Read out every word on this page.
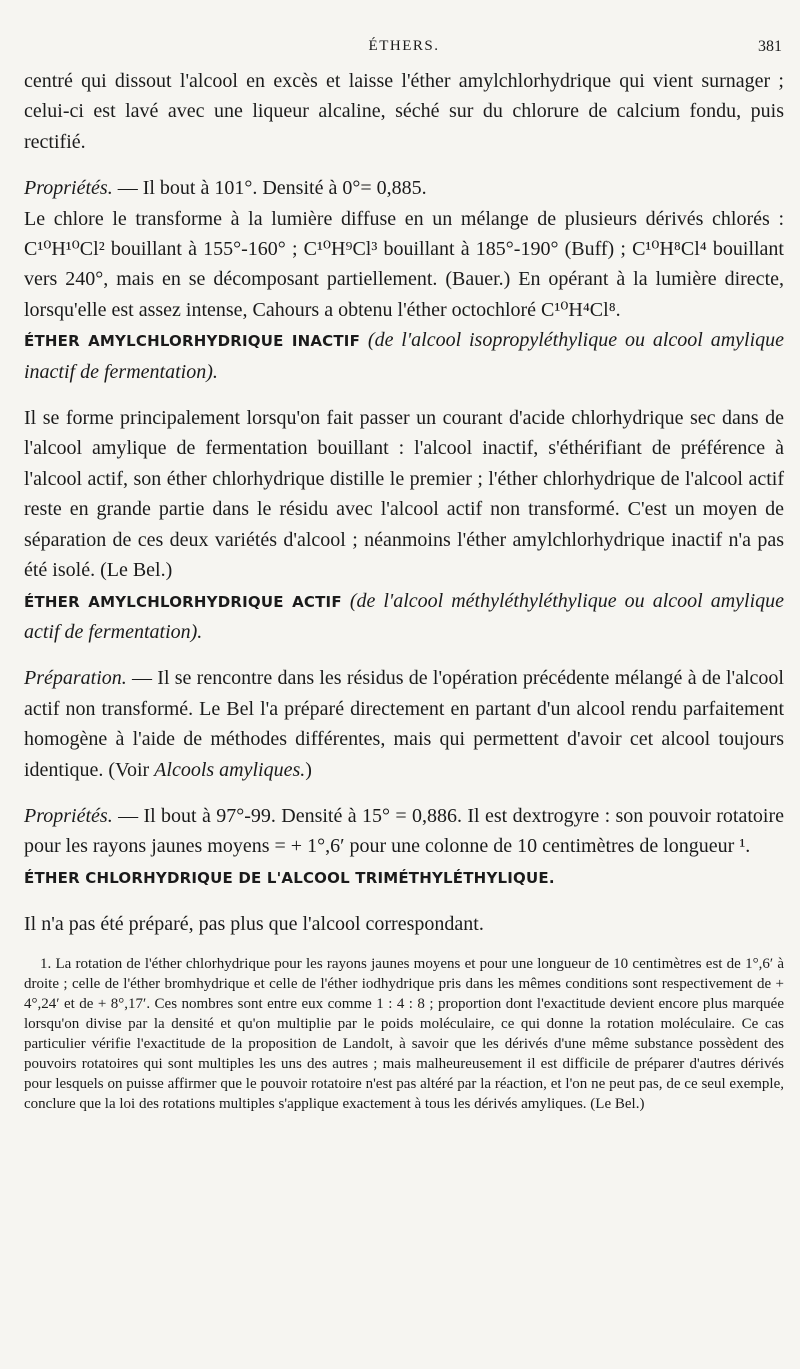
ÉTHERS.	381

centré qui dissout l'alcool en excès et laisse l'éther amylchlorhydrique qui vient surnager ; celui-ci est lavé avec une liqueur alcaline, séché sur du chlorure de calcium fondu, puis rectifié.

Propriétés. — Il bout à 101°. Densité à 0°= 0,885.

Le chlore le transforme à la lumière diffuse en un mélange de plusieurs dérivés chlorés : C¹⁰H¹⁰Cl² bouillant à 155°-160° ; C¹⁰H⁹Cl³ bouillant à 185°-190° (Buff) ; C¹⁰H⁸Cl⁴ bouillant vers 240°, mais en se décomposant partiellement. (Bauer.) En opérant à la lumière directe, lorsqu'elle est assez intense, Cahours a obtenu l'éther octochloré C¹⁰H⁴Cl⁸.

ÉTHER AMYLCHLORHYDRIQUE INACTIF (de l'alcool isopropyléthylique ou alcool amylique inactif de fermentation).

Il se forme principalement lorsqu'on fait passer un courant d'acide chlorhydrique sec dans de l'alcool amylique de fermentation bouillant : l'alcool inactif, s'éthérifiant de préférence à l'alcool actif, son éther chlorhydrique distille le premier ; l'éther chlorhydrique de l'alcool actif reste en grande partie dans le résidu avec l'alcool actif non transformé. C'est un moyen de séparation de ces deux variétés d'alcool ; néanmoins l'éther amylchlorhydrique inactif n'a pas été isolé. (Le Bel.)

ÉTHER AMYLCHLORHYDRIQUE ACTIF (de l'alcool méthyléthyléthylique ou alcool amylique actif de fermentation).

Préparation. — Il se rencontre dans les résidus de l'opération précédente mélangé à de l'alcool actif non transformé. Le Bel l'a préparé directement en partant d'un alcool rendu parfaitement homogène à l'aide de méthodes différentes, mais qui permettent d'avoir cet alcool toujours identique. (Voir Alcools amyliques.)

Propriétés. — Il bout à 97°-99. Densité à 15° = 0,886. Il est dextrogyre : son pouvoir rotatoire pour les rayons jaunes moyens = + 1°,6′ pour une colonne de 10 centimètres de longueur ¹.

ÉTHER CHLORHYDRIQUE DE L'ALCOOL TRIMÉTHYLÉTHYLIQUE.

Il n'a pas été préparé, pas plus que l'alcool correspondant.

1. La rotation de l'éther chlorhydrique pour les rayons jaunes moyens et pour une longueur de 10 centimètres est de 1°,6′ à droite ; celle de l'éther bromhydrique et celle de l'éther iodhydrique pris dans les mêmes conditions sont respectivement de + 4°,24′ et de + 8°,17′. Ces nombres sont entre eux comme 1 : 4 : 8 ; proportion dont l'exactitude devient encore plus marquée lorsqu'on divise par la densité et qu'on multiplie par le poids moléculaire, ce qui donne la rotation moléculaire. Ce cas particulier vérifie l'exactitude de la proposition de Landolt, à savoir que les dérivés d'une même substance possèdent des pouvoirs rotatoires qui sont multiples les uns des autres ; mais malheureusement il est difficile de préparer d'autres dérivés pour lesquels on puisse affirmer que le pouvoir rotatoire n'est pas altéré par la réaction, et l'on ne peut pas, de ce seul exemple, conclure que la loi des rotations multiples s'applique exactement à tous les dérivés amyliques. (Le Bel.)
